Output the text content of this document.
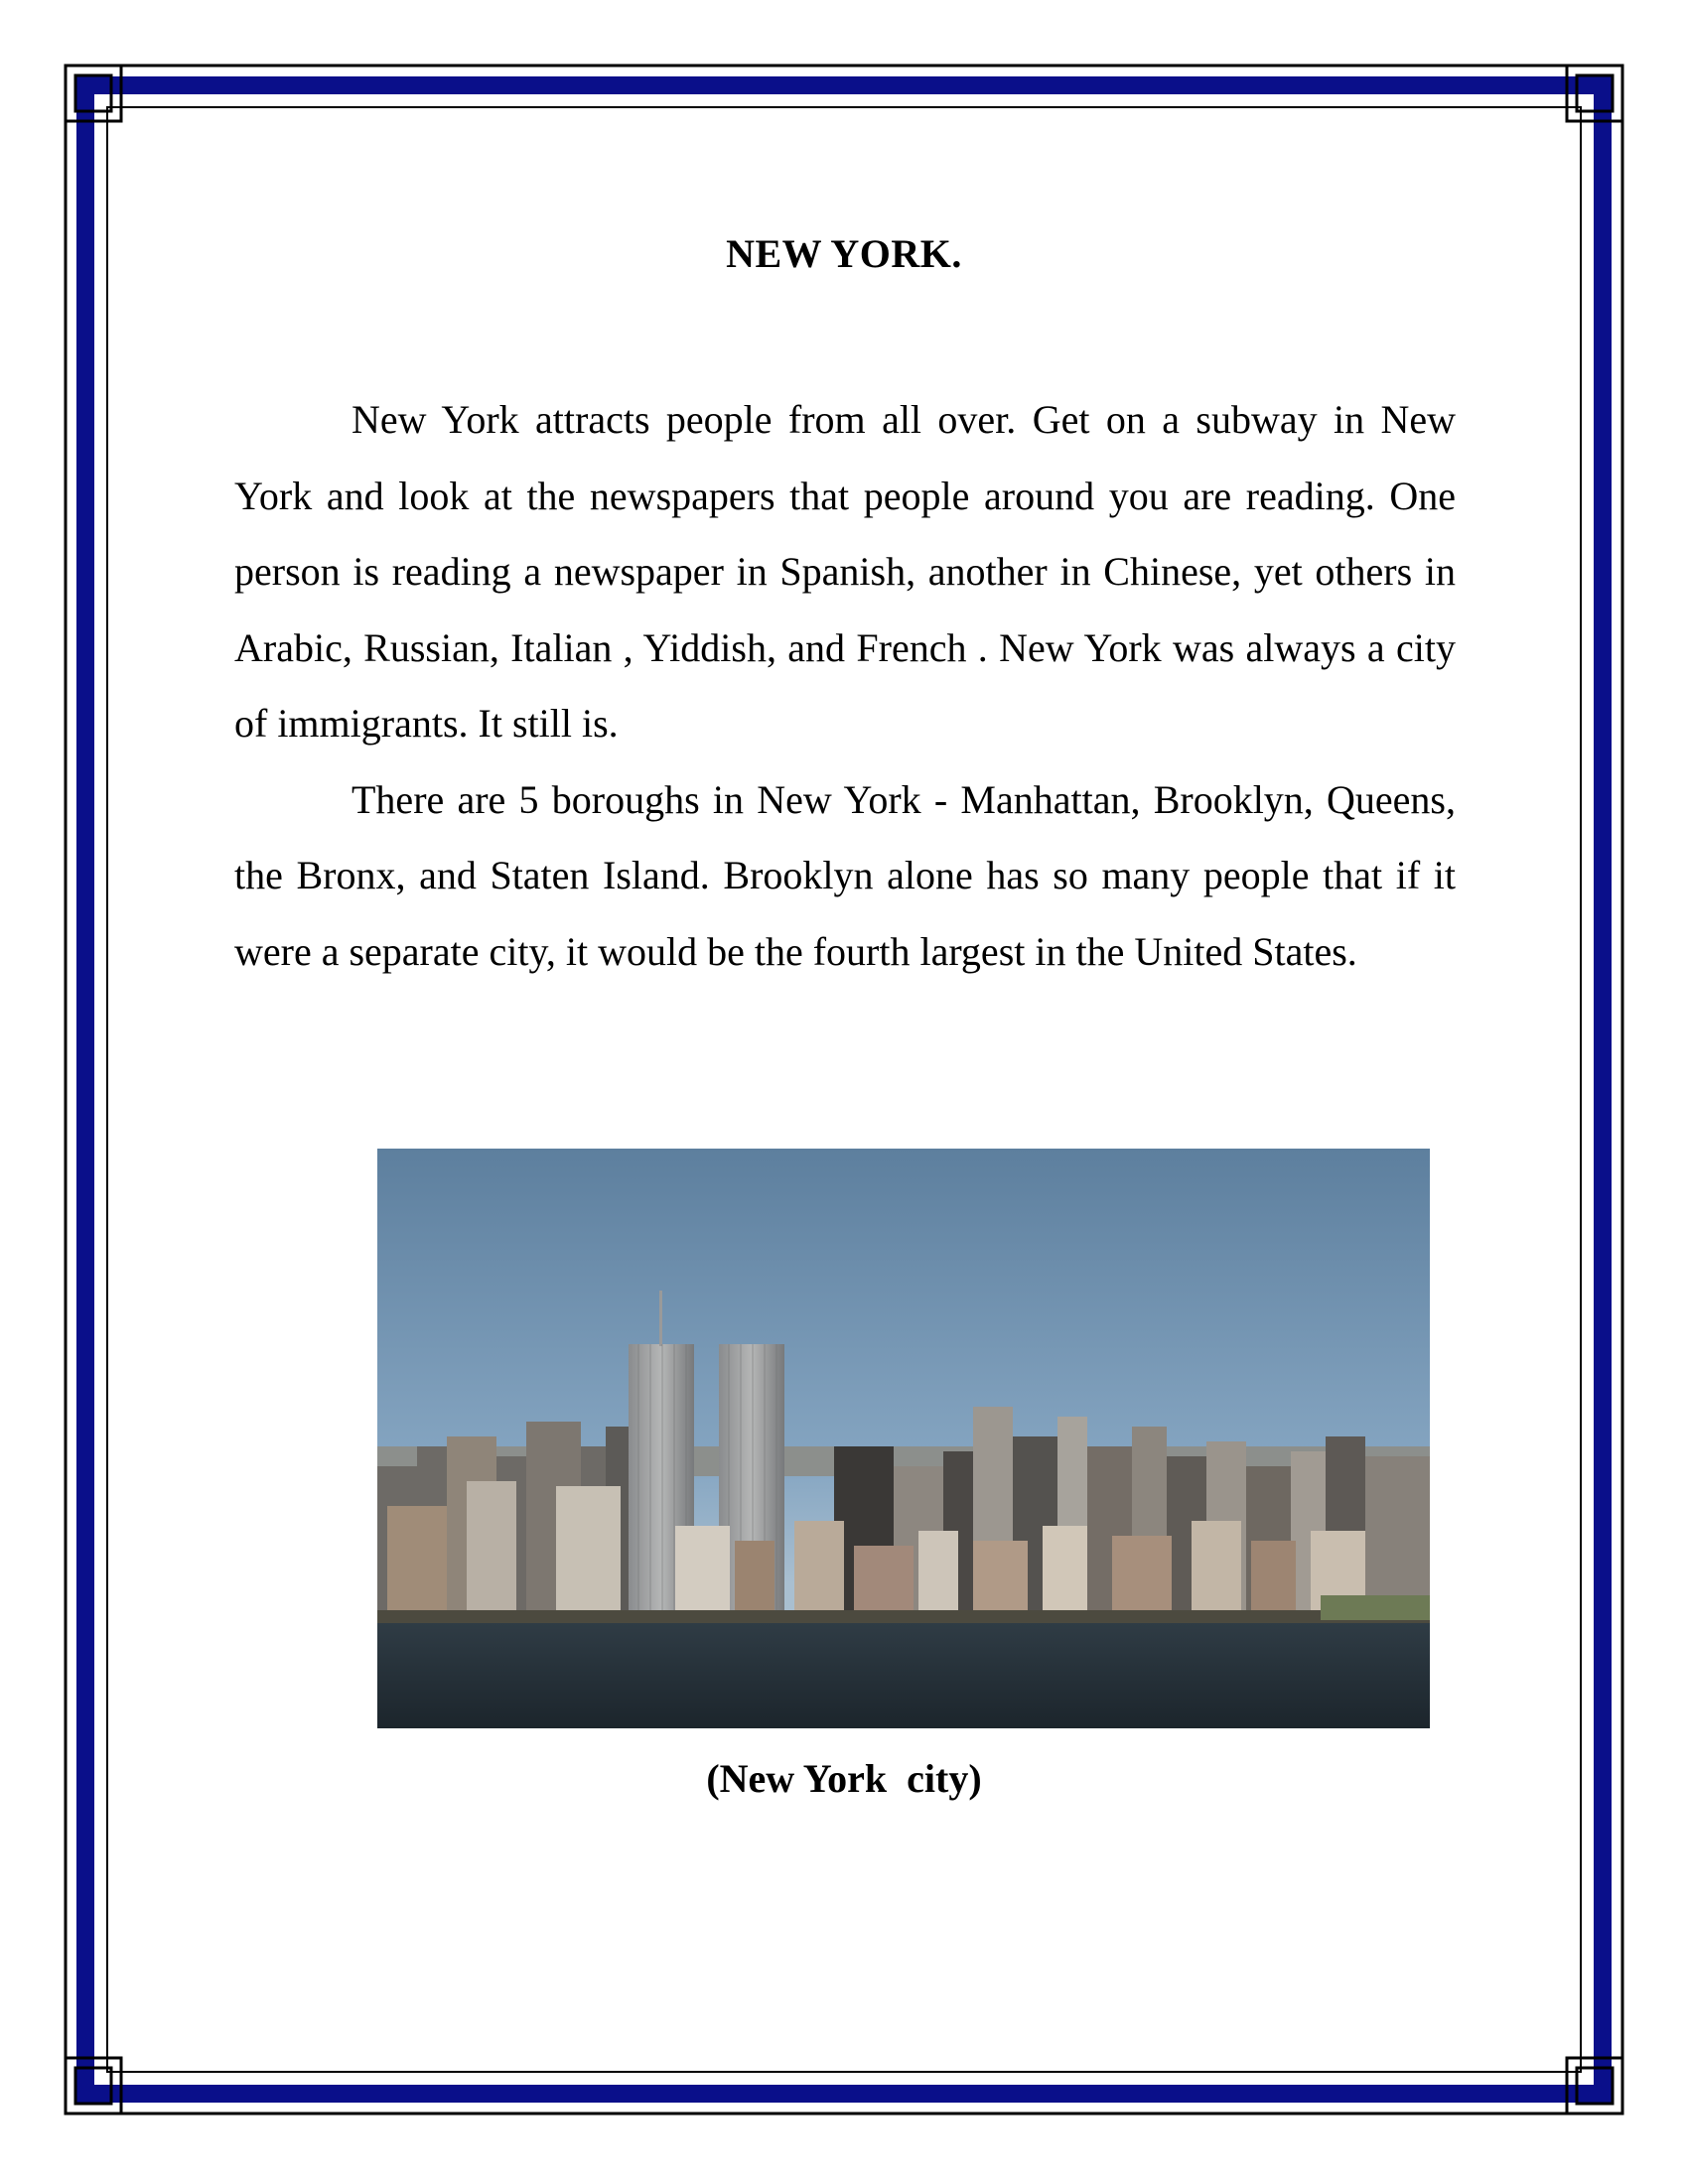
NEW YORK.

New York attracts people from all over. Get on a subway in New York and look at the newspapers that people around you are reading. One person is reading a newspaper in Spanish, another in Chinese, yet others in Arabic, Russian, Italian , Yiddish, and French . New York was always a city of immigrants. It still is.

There are 5 boroughs in New York - Manhattan, Brooklyn, Queens, the Bronx, and Staten Island. Brooklyn alone has so many people that if it were a separate city, it would be the fourth largest in the United States.

(New York  city)
